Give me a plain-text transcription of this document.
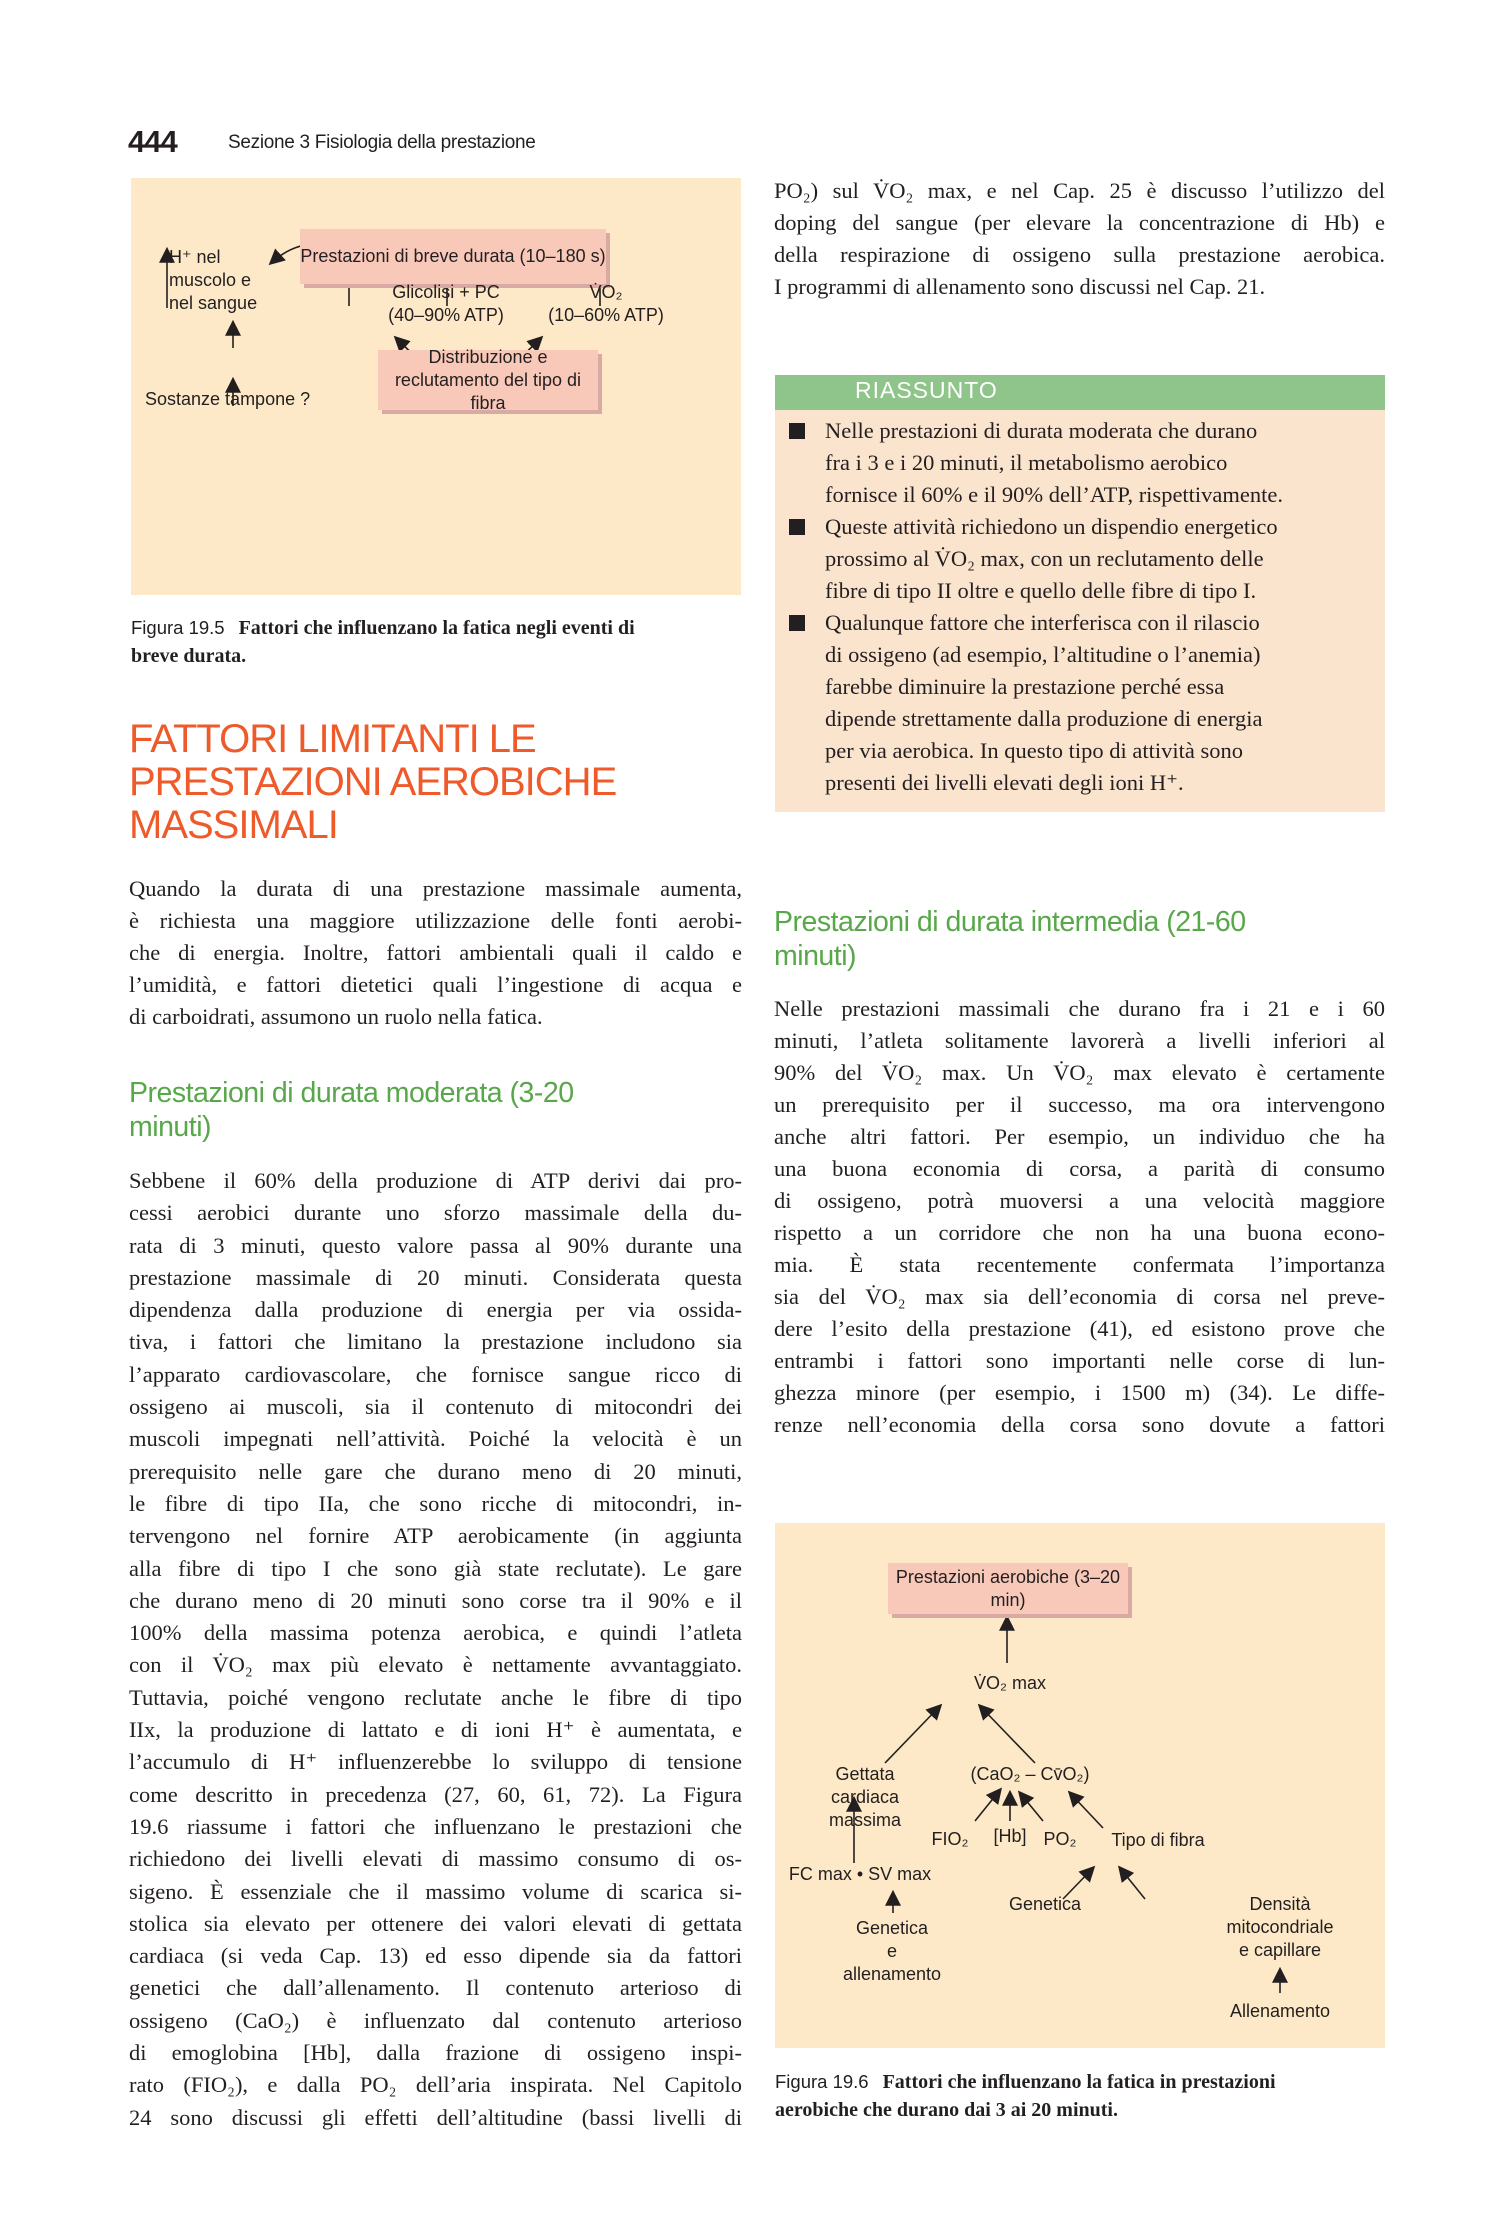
444	Sezione 3 Fisiologia della prestazione
Prestazioni di breve durata (10–180 s)
H⁺ nel
muscolo e
nel sangue
Glicolisi + PC
(40–90% ATP)
V̇O₂
(10–60% ATP)
Sostanze tampone ?
Distribuzione e
reclutamento del tipo di fibra
Figura 19.5 Fattori che influenzano la fatica negli eventi di
breve durata.
FATTORI LIMITANTI LE
PRESTAZIONI AEROBICHE
MASSIMALI

Quando la durata di una prestazione massimale aumenta,
è richiesta una maggiore utilizzazione delle fonti aerobi-
che di energia. Inoltre, fattori ambientali quali il caldo e
l’umidità, e fattori dietetici quali l’ingestione di acqua e
di carboidrati, assumono un ruolo nella fatica.

Prestazioni di durata moderata (3-20
minuti)

Sebbene il 60% della produzione di ATP derivi dai pro-
cessi aerobici durante uno sforzo massimale della du-
rata di 3 minuti, questo valore passa al 90% durante una
prestazione massimale di 20 minuti. Considerata questa
dipendenza dalla produzione di energia per via ossida-
tiva, i fattori che limitano la prestazione includono sia
l’apparato cardiovascolare, che fornisce sangue ricco di
ossigeno ai muscoli, sia il contenuto di mitocondri dei
muscoli impegnati nell’attività. Poiché la velocità è un
prerequisito nelle gare che durano meno di 20 minuti,
le fibre di tipo IIa, che sono ricche di mitocondri, in-
tervengono nel fornire ATP aerobicamente (in aggiunta
alla fibre di tipo I che sono già state reclutate). Le gare
che durano meno di 20 minuti sono corse tra il 90% e il
100% della massima potenza aerobica, e quindi l’atleta
con il V̇O₂ max più elevato è nettamente avvantaggiato.
Tuttavia, poiché vengono reclutate anche le fibre di tipo
IIx, la produzione di lattato e di ioni H⁺ è aumentata, e
l’accumulo di H⁺ influenzerebbe lo sviluppo di tensione
come descritto in precedenza (27, 60, 61, 72). La Figura
19.6 riassume i fattori che influenzano le prestazioni che
richiedono dei livelli elevati di massimo consumo di os-
sigeno. È essenziale che il massimo volume di scarica si-
stolica sia elevato per ottenere dei valori elevati di gettata
cardiaca (si veda Cap. 13) ed esso dipende sia da fattori
genetici che dall’allenamento. Il contenuto arterioso di
ossigeno (CaO₂) è influenzato dal contenuto arterioso
di emoglobina [Hb], dalla frazione di ossigeno inspi-
rato (FIO₂), e dalla PO₂ dell’aria inspirata. Nel Capitolo
24 sono discussi gli effetti dell’altitudine (bassi livelli di

PO₂) sul V̇O₂ max, e nel Cap. 25 è discusso l’utilizzo del
doping del sangue (per elevare la concentrazione di Hb) e
della respirazione di ossigeno sulla prestazione aerobica.
I programmi di allenamento sono discussi nel Cap. 21.

RIASSUNTO
Nelle prestazioni di durata moderata che durano
fra i 3 e i 20 minuti, il metabolismo aerobico
fornisce il 60% e il 90% dell’ATP, rispettivamente.
Queste attività richiedono un dispendio energetico
prossimo al V̇O₂ max, con un reclutamento delle
fibre di tipo II oltre e quello delle fibre di tipo I.
Qualunque fattore che interferisca con il rilascio
di ossigeno (ad esempio, l’altitudine o l’anemia)
farebbe diminuire la prestazione perché essa
dipende strettamente dalla produzione di energia
per via aerobica. In questo tipo di attività sono
presenti dei livelli elevati degli ioni H⁺.
Prestazioni di durata intermedia (21-60
minuti)

Nelle prestazioni massimali che durano fra i 21 e i 60
minuti, l’atleta solitamente lavorerà a livelli inferiori al
90% del V̇O₂ max. Un V̇O₂ max elevato è certamente
un prerequisito per il successo, ma ora intervengono
anche altri fattori. Per esempio, un individuo che ha
una buona economia di corsa, a parità di consumo
di ossigeno, potrà muoversi a una velocità maggiore
rispetto a un corridore che non ha una buona econo-
mia. È stata recentemente confermata l’importanza
sia del V̇O₂ max sia dell’economia di corsa nel preve-
dere l’esito della prestazione (41), ed esistono prove che
entrambi i fattori sono importanti nelle corse di lun-
ghezza minore (per esempio, i 1500 m) (34). Le diffe-
renze nell’economia della corsa sono dovute a fattori

Prestazioni aerobiche (3–20 min)
V̇O₂ max
Gettata
cardiaca
massima
(CaO₂ – Cv̄O₂)
FIO₂	[Hb] PO₂	Tipo di fibra
FC max • SV max
Genetica
e
allenamento
Genetica	Densità
mitocondriale
e capillare
Allenamento
Figura 19.6 Fattori che influenzano la fatica in prestazioni
aerobiche che durano dai 3 ai 20 minuti.
